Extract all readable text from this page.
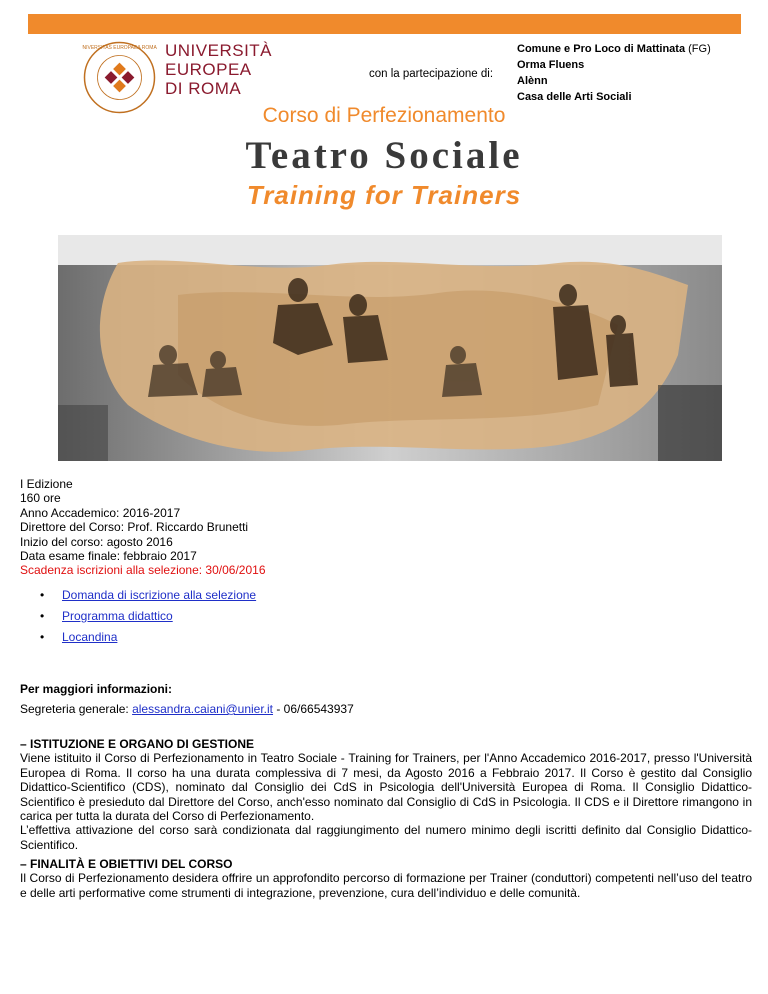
UNIVERSITAS EUROPAEA ROMAE UNIVERSITÀ
EUROPEA
DI ROMA
con la partecipazione di:
Comune e Pro Loco di Mattinata (FG)
Orma Fluens
Alènn
Casa delle Arti Sociali
Corso di Perfezionamento
Teatro Sociale
Training for Trainers
I Edizione
160 ore
Anno Accademico: 2016-2017
Direttore del Corso: Prof. Riccardo Brunetti
Inizio del corso: agosto 2016
Data esame finale: febbraio 2017
Scadenza iscrizioni alla selezione: 30/06/2016
• Domanda di iscrizione alla selezione
• Programma didattico
• Locandina
Per maggiori informazioni:
Segreteria generale: alessandra.caiani@unier.it - 06/66543937
– ISTITUZIONE E ORGANO DI GESTIONE

Viene istituito il Corso di Perfezionamento in Teatro Sociale - Training for Trainers, per l'Anno Accademico 2016-2017, presso l'Università Europea di Roma. Il corso ha una durata complessiva di 7 mesi, da Agosto 2016 a Febbraio 2017. Il Corso è gestito dal Consiglio Didattico-Scientifico (CDS), nominato dal Consiglio dei CdS in Psicologia dell'Università Europea di Roma. Il Consiglio Didattico-Scientifico è presieduto dal Direttore del Corso, anch'esso nominato dal Consiglio di CdS in Psicologia. Il CDS e il Direttore rimangono in carica per tutta la durata del Corso di Perfezionamento.

L’effettiva attivazione del corso sarà condizionata dal raggiungimento del numero minimo degli iscritti definito dal Consiglio Didattico-Scientifico.

– FINALITÀ E OBIETTIVI DEL CORSO

Il Corso di Perfezionamento desidera offrire un approfondito percorso di formazione per Trainer (conduttori) competenti nell’uso del teatro e delle arti performative come strumenti di integrazione, prevenzione, cura dell’individuo e delle comunità.
